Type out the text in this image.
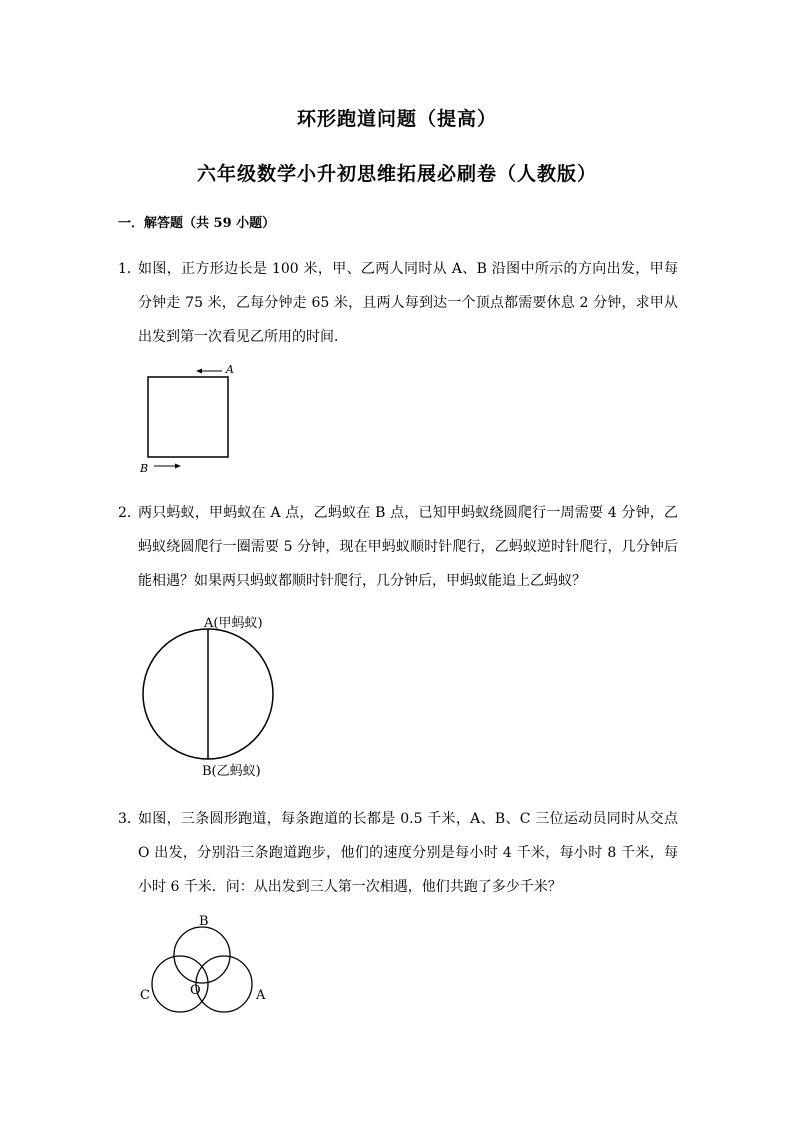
环形跑道问题（提高）
六年级数学小升初思维拓展必刷卷（人教版）
一．解答题（共 59 小题）
1．
如图，正方形边长是 100 米，甲、乙两人同时从 A、B 沿图中所示的方向出发，甲每分钟走 75 米，乙每分钟走 65 米，且两人每到达一个顶点都需要休息 2 分钟，求甲从出发到第一次看见乙所用的时间．
A
B
2．
两只蚂蚁，甲蚂蚁在 A 点，乙蚂蚁在 B 点，已知甲蚂蚁绕圆爬行一周需要 4 分钟，乙蚂蚁绕圆爬行一圈需要 5 分钟，现在甲蚂蚁顺时针爬行，乙蚂蚁逆时针爬行，几分钟后能相遇？如果两只蚂蚁都顺时针爬行，几分钟后，甲蚂蚁能追上乙蚂蚁？
A(甲蚂蚁)
B(乙蚂蚁)
3．
如图，三条圆形跑道，每条跑道的长都是 0.5 千米，A、B、C 三位运动员同时从交点 O 出发，分别沿三条跑道跑步，他们的速度分别是每小时 4 千米，每小时 8 千米，每小时 6 千米．问：从出发到三人第一次相遇，他们共跑了多少千米？
B
C	O	A
